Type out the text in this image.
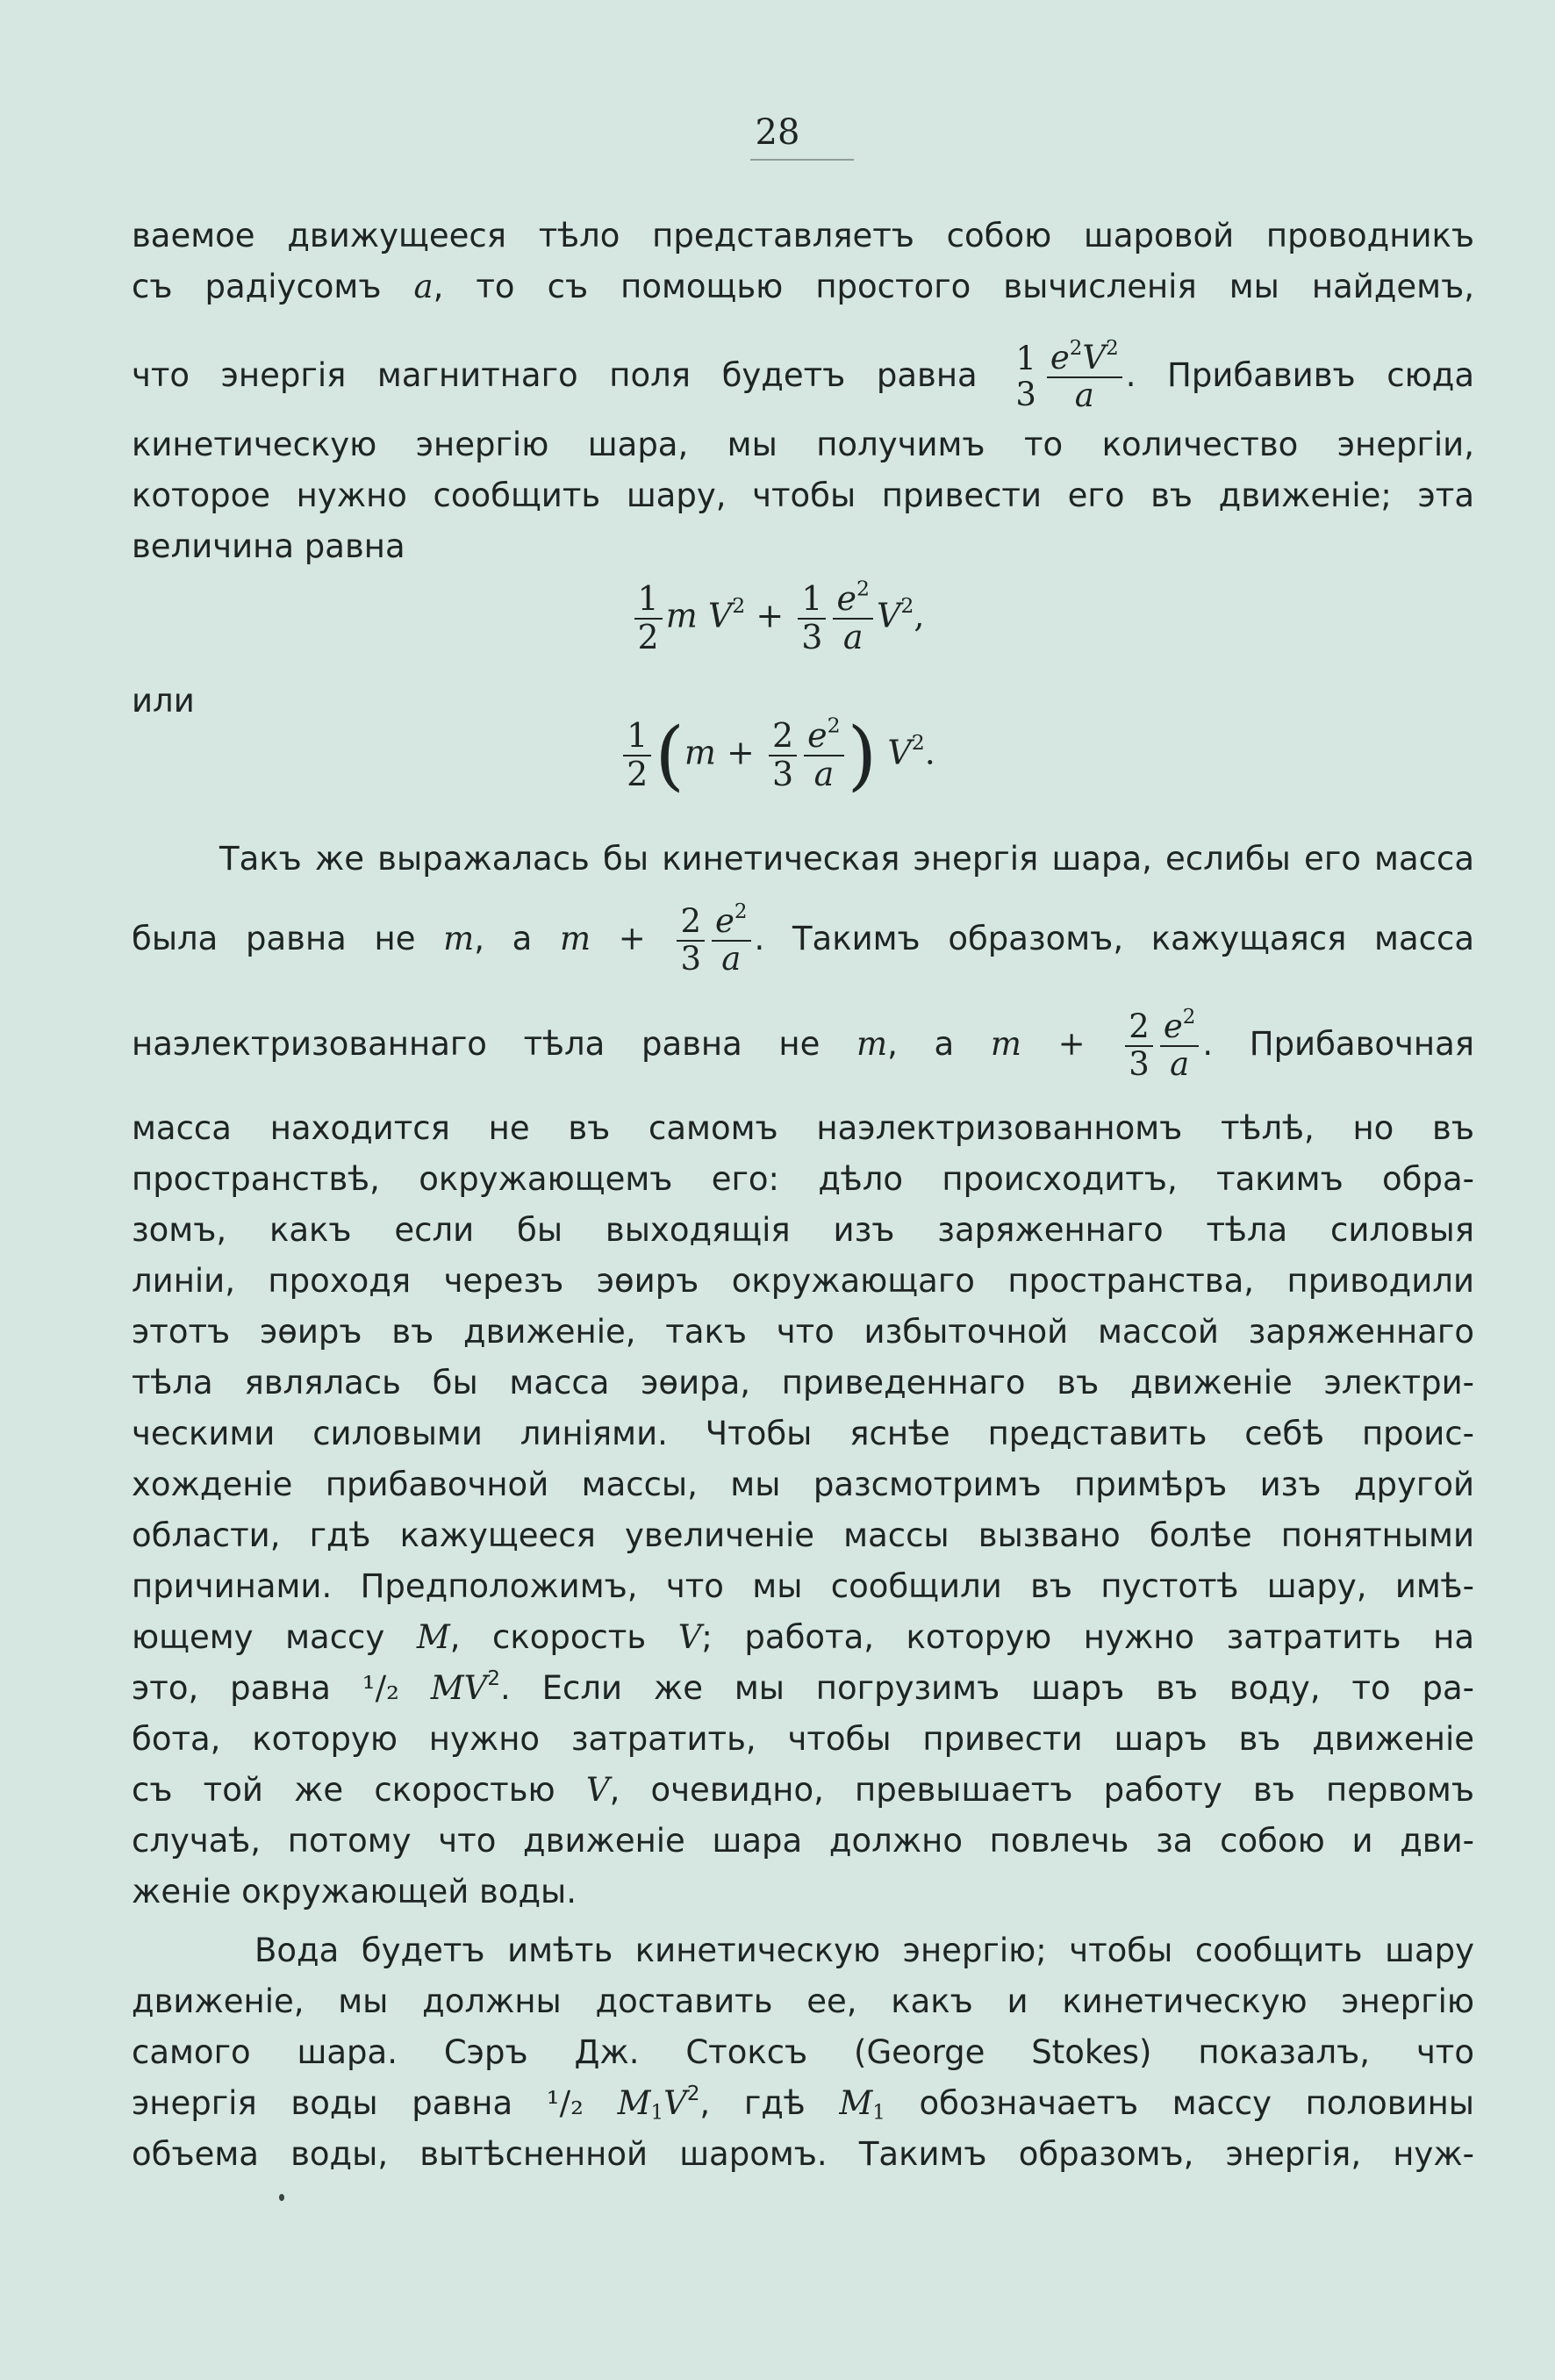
28
ваемое движущееся тѣло представляетъ собою шаровой проводникъ
съ радіусомъ a, то съ помощью простого вычисленія мы найдемъ,
что энергія магнитнаго поля будетъ равна 1
$3 \frac{e^2V^2}{a}$ . Прибавивъ сюда
кинетическую энергію шара, мы получимъ то количество энергіи,
которое нужно сообщить шару, чтобы привести его въ движеніе; эта
величина равна
$\frac{1}{2}$ m $V^2 + \frac{1}{3} \frac{e^2}{a} V^2$,
или
$\frac{1}{2} (m + \frac{2}{3} \frac{e^2}{a}$ ) $V^2$.
Такъ же выражалась бы кинетическая энергія шара, еслибы его масса
была равна не m, а $m + \frac{2}{3} \frac{e^2}{a}$ . Такимъ образомъ, кажущаяся масса
наэлектризованнаго тѣла равна не m, а $m + \frac{2}{3} \frac{e^2}{a}$ . Прибавочная
масса находится не въ самомъ наэлектризованномъ тѣлѣ, но въ
пространствѣ, окружающемъ его: дѣло происходитъ, такимъ обра-
зомъ, какъ если бы выходящія изъ заряженнаго тѣла силовыя
линіи, проходя черезъ эѳиръ окружающаго пространства, приводили
этотъ эѳиръ въ движеніе, такъ что избыточной массой заряженнаго
тѣла являлась бы масса эѳира, приведеннаго въ движеніе электри-
ческими силовыми линіями. Чтобы яснѣе представить себѣ проис-
хожденіе прибавочной массы, мы разсмотримъ примѣръ изъ другой
области, гдѣ кажущееся увеличеніе массы вызвано болѣе понятными
причинами. Предположимъ, что мы сообщили въ пустотѣ шару, имѣ-
ющему массу M, скорость V; работа, которую нужно затратить на
это, равна ¹/₂ $MV^2$. Если же мы погрузимъ шаръ въ воду, то ра-
бота, которую нужно затратить, чтобы привести шаръ въ движеніе
съ той же скоростью V, очевидно, превышаетъ работу въ первомъ
случаѣ, потому что движеніе шара должно повлечь за собою и дви-
женіе окружающей воды.
Вода будетъ имѣть кинетическую энергію; чтобы сообщить шару
движеніе, мы должны доставить ее, какъ и кинетическую энергію
самого шара. Сэръ Дж. Стоксъ (George Stokes) показалъ, что
энергія воды равна ¹/₂ $M_1V^2$, гдѣ $M_1$ обозначаетъ массу половины
объема воды, вытѣсненной шаромъ. Такимъ образомъ, энергія, нуж-
